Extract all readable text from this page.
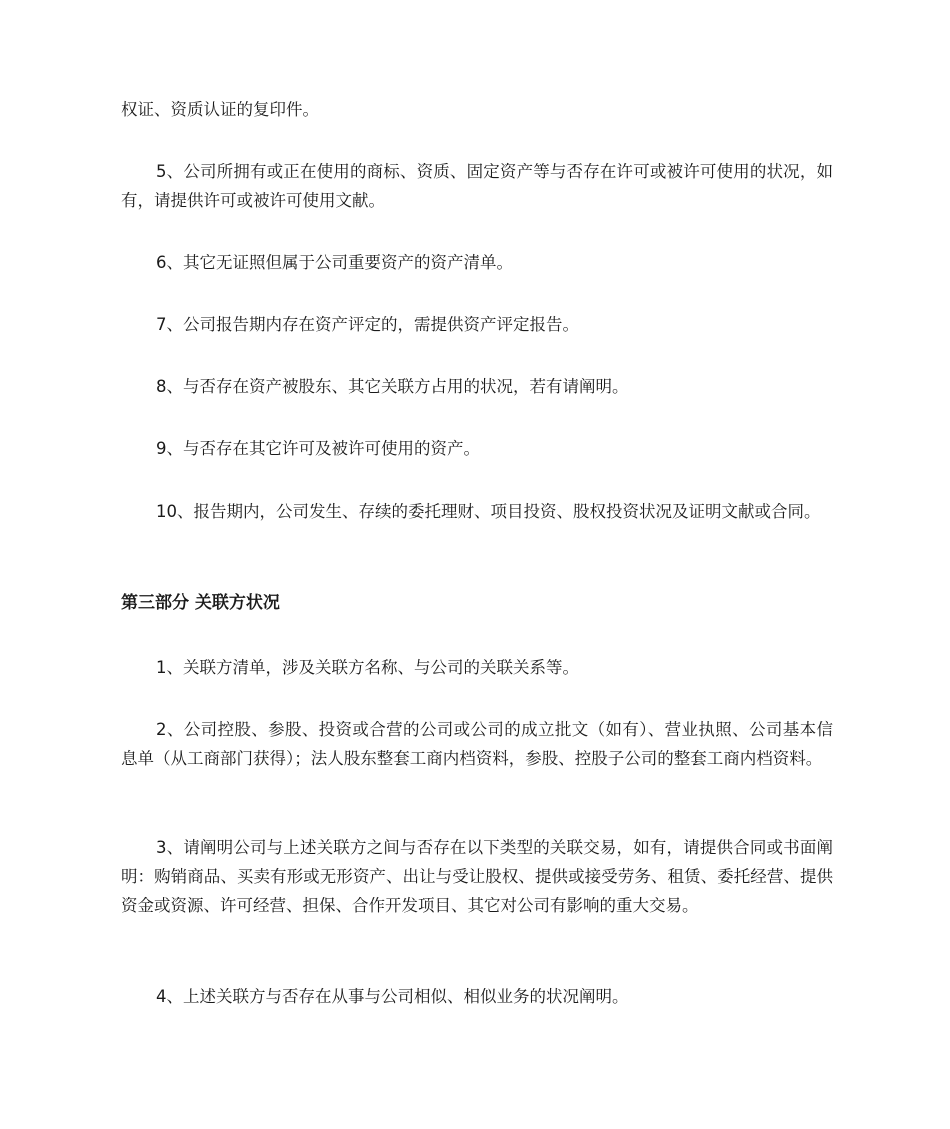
权证、资质认证的复印件。

5、公司所拥有或正在使用的商标、资质、固定资产等与否存在许可或被许可使用的状况，如有，请提供许可或被许可使用文献。

6、其它无证照但属于公司重要资产的资产清单。

7、公司报告期内存在资产评定的，需提供资产评定报告。

8、与否存在资产被股东、其它关联方占用的状况，若有请阐明。

9、与否存在其它许可及被许可使用的资产。

10、报告期内，公司发生、存续的委托理财、项目投资、股权投资状况及证明文献或合同。

第三部分 关联方状况

1、关联方清单，涉及关联方名称、与公司的关联关系等。

2、公司控股、参股、投资或合营的公司或公司的成立批文（如有）、营业执照、公司基本信息单（从工商部门获得）；法人股东整套工商内档资料，参股、控股子公司的整套工商内档资料。

3、请阐明公司与上述关联方之间与否存在以下类型的关联交易，如有，请提供合同或书面阐明：购销商品、买卖有形或无形资产、出让与受让股权、提供或接受劳务、租赁、委托经营、提供资金或资源、许可经营、担保、合作开发项目、其它对公司有影响的重大交易。

4、上述关联方与否存在从事与公司相似、相似业务的状况阐明。
